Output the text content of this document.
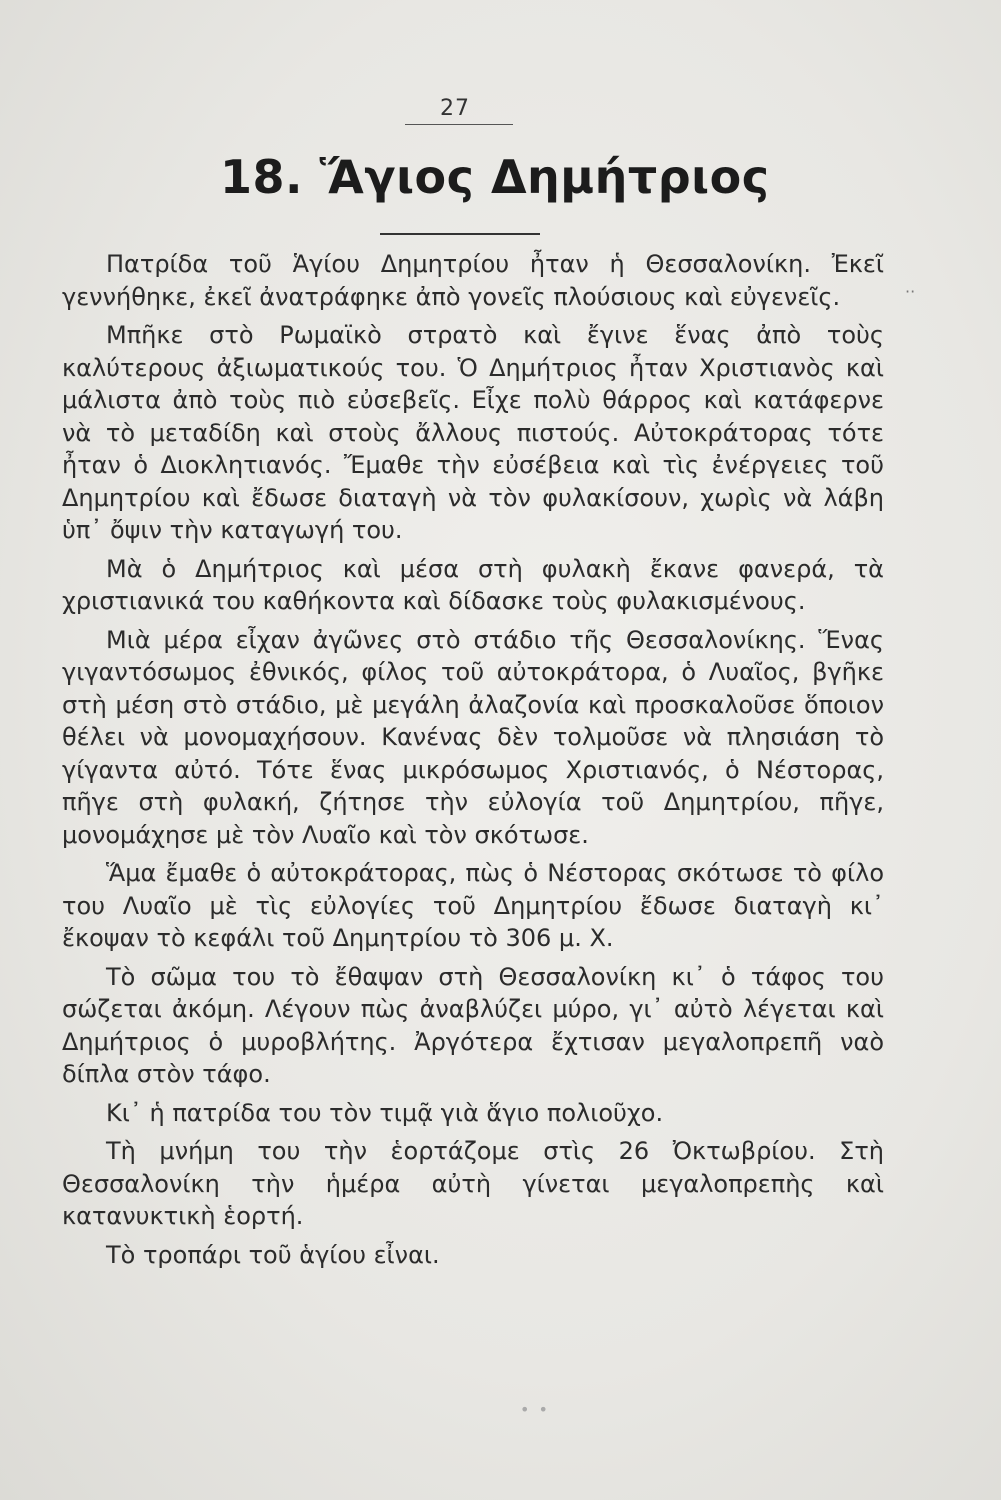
27
18. Ἅγιος Δημήτριος

Πατρίδα τοῦ Ἁγίου Δημητρίου ἦταν ἡ Θεσσαλονίκη. Ἐκεῖ γεννήθηκε, ἐκεῖ ἀνατράφηκε ἀπὸ γονεῖς πλούσιους καὶ εὐγενεῖς.

Μπῆκε στὸ Ρωμαϊκὸ στρατὸ καὶ ἔγινε ἕνας ἀπὸ τοὺς καλύτερους ἀξιωματικούς του. Ὁ Δημήτριος ἦταν Χριστιανὸς καὶ μάλιστα ἀπὸ τοὺς πιὸ εὐσεβεῖς. Εἶχε πολὺ θάρρος καὶ κατάφερνε νὰ τὸ μεταδίδη καὶ στοὺς ἄλλους πιστούς. Αὐτοκράτορας τότε ἦταν ὁ Διοκλητιανός. Ἔμαθε τὴν εὐσέβεια καὶ τὶς ἐνέργειες τοῦ Δημητρίου καὶ ἔδωσε διαταγὴ νὰ τὸν φυλακίσουν, χωρὶς νὰ λάβη ὑπ᾿ ὄψιν τὴν καταγωγή του.

Μὰ ὁ Δημήτριος καὶ μέσα στὴ φυλακὴ ἔκανε φανερά, τὰ χριστιανικά του καθήκοντα καὶ δίδασκε τοὺς φυλακισμένους.

Μιὰ μέρα εἶχαν ἀγῶνες στὸ στάδιο τῆς Θεσσαλονίκης. Ἕνας γιγαντόσωμος ἐθνικός, φίλος τοῦ αὐτοκράτορα, ὁ Λυαῖος, βγῆκε στὴ μέση στὸ στάδιο, μὲ μεγάλη ἀλαζονία καὶ προσκαλοῦσε ὅποιον θέλει νὰ μονομαχήσουν. Κανένας δὲν τολμοῦσε νὰ πλησιάση τὸ γίγαντα αὐτό. Τότε ἕνας μικρόσωμος Χριστιανός, ὁ Νέστορας, πῆγε στὴ φυλακή, ζήτησε τὴν εὐλογία τοῦ Δημητρίου, πῆγε, μονομάχησε μὲ τὸν Λυαῖο καὶ τὸν σκότωσε.

Ἅμα ἔμαθε ὁ αὐτοκράτορας, πὼς ὁ Νέστορας σκότωσε τὸ φίλο του Λυαῖο μὲ τὶς εὐλογίες τοῦ Δημητρίου ἔδωσε διαταγὴ κι᾿ ἔκοψαν τὸ κεφάλι τοῦ Δημητρίου τὸ 306 μ. Χ.

Τὸ σῶμα του τὸ ἔθαψαν στὴ Θεσσαλονίκη κι᾿ ὁ τάφος του σώζεται ἀκόμη. Λέγουν πὼς ἀναβλύζει μύρο, γι᾿ αὐτὸ λέγεται καὶ Δημήτριος ὁ μυροβλήτης. Ἀργότερα ἔχτισαν μεγαλοπρεπῆ ναὸ δίπλα στὸν τάφο.

Κι᾿ ἡ πατρίδα του τὸν τιμᾷ γιὰ ἅγιο πολιοῦχο.

Τὴ μνήμη του τὴν ἑορτάζομε στὶς 26 Ὀκτωβρίου. Στὴ Θεσσαλονίκη τὴν ἡμέρα αὐτὴ γίνεται μεγαλοπρεπὴς καὶ κατανυκτικὴ ἑορτή.

Τὸ τροπάρι τοῦ ἁγίου εἶναι.

··
• •
